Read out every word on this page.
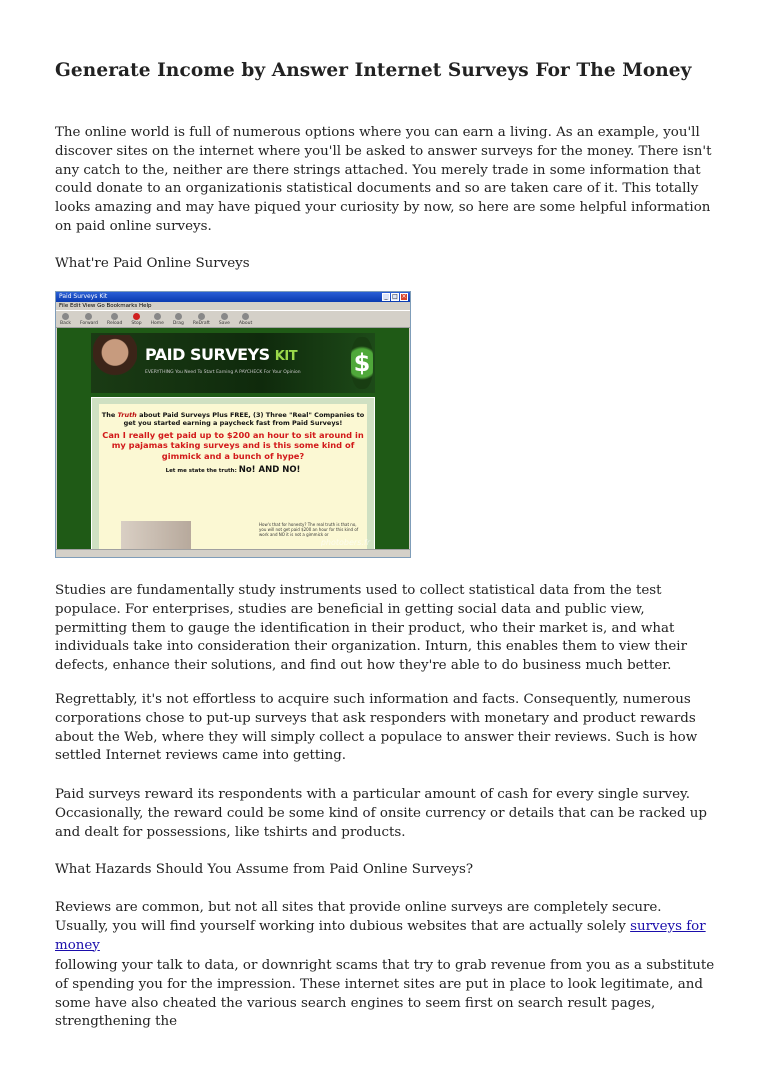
Generate Income by Answer Internet Surveys For The Money

The online world is full of numerous options where you can earn a living. As an example, you'll discover sites on the internet where you'll be asked to answer surveys for the money. There isn't any catch to the, neither are there strings attached. You merely trade in some information that could donate to an organizationis statistical documents and so are taken care of it. This totally looks amazing and may have piqued your curiosity by now, so here are some helpful information on paid online surveys.

What're Paid Online Surveys

Paid Surveys Kit	_ □ ×
File Edit View Go Bookmarks Help
Back Forward Reload Stop Home Drag ReDraft Save About
PAID SURVEYS KIT
EVERYTHING You Need To Start Earning A PAYCHECK For Your Opinion $
The Truth about Paid Surveys Plus FREE, (3) Three "Real" Companies to get you started earning a paycheck fast from Paid Surveys!
Can I really get paid up to $200 an hour to sit around in my pajamas taking surveys and is this some kind of gimmick and a bunch of hype?
Let me state the truth: No! AND NO!
How's that for honesty? The real truth is that no, you will not get paid $200 an hour for this kind of work and NO it is not a gimmick or
photobers.fr

Studies are fundamentally study instruments used to collect statistical data from the test populace. For enterprises, studies are beneficial in getting social data and public view, permitting them to gauge the identification in their product, who their market is, and what individuals take into consideration their organization. Inturn, this enables them to view their defects, enhance their solutions, and find out how they're able to do business much better.

Regrettably, it's not effortless to acquire such information and facts. Consequently, numerous corporations chose to put-up surveys that ask responders with monetary and product rewards about the Web, where they will simply collect a populace to answer their reviews. Such is how settled Internet reviews came into getting.

Paid surveys reward its respondents with a particular amount of cash for every single survey. Occasionally, the reward could be some kind of onsite currency or details that can be racked up and dealt for possessions, like tshirts and products.

What Hazards Should You Assume from Paid Online Surveys?

Reviews are common, but not all sites that provide online surveys are completely secure. Usually, you will find yourself working into dubious websites that are actually solely surveys for money

following your talk to data, or downright scams that try to grab revenue from you as a substitute of spending you for the impression. These internet sites are put in place to look legitimate, and some have also cheated the various search engines to seem first on search result pages, strengthening the
